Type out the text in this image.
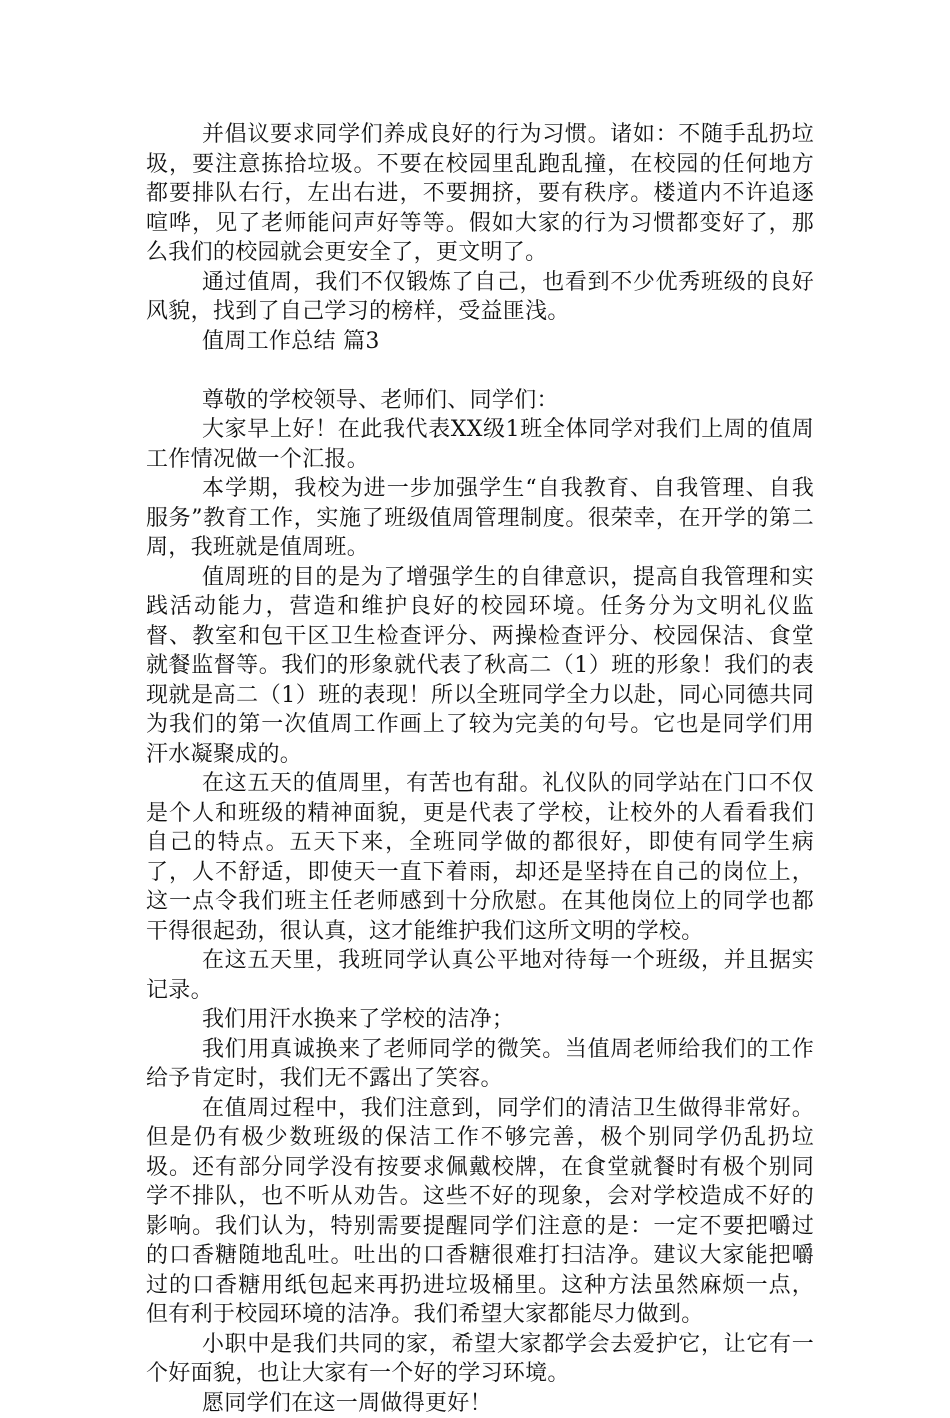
并倡议要求同学们养成良好的行为习惯。诸如：不随手乱扔垃圾，要注意拣拾垃圾。不要在校园里乱跑乱撞，在校园的任何地方都要排队右行，左出右进，不要拥挤，要有秩序。楼道内不许追逐喧哗，见了老师能问声好等等。假如大家的行为习惯都变好了，那么我们的校园就会更安全了，更文明了。

通过值周，我们不仅锻炼了自己，也看到不少优秀班级的良好风貌，找到了自己学习的榜样，受益匪浅。

值周工作总结 篇3

尊敬的学校领导、老师们、同学们：

大家早上好！在此我代表XX级1班全体同学对我们上周的值周工作情况做一个汇报。

本学期，我校为进一步加强学生“自我教育、自我管理、自我服务”教育工作，实施了班级值周管理制度。很荣幸，在开学的第二周，我班就是值周班。

值周班的目的是为了增强学生的自律意识，提高自我管理和实践活动能力，营造和维护良好的校园环境。任务分为文明礼仪监督、教室和包干区卫生检查评分、两操检查评分、校园保洁、食堂就餐监督等。我们的形象就代表了秋高二（1）班的形象！我们的表现就是高二（1）班的表现！所以全班同学全力以赴，同心同德共同为我们的第一次值周工作画上了较为完美的句号。它也是同学们用汗水凝聚成的。

在这五天的值周里，有苦也有甜。礼仪队的同学站在门口不仅是个人和班级的精神面貌，更是代表了学校，让校外的人看看我们自己的特点。五天下来，全班同学做的都很好，即使有同学生病了，人不舒适，即使天一直下着雨，却还是坚持在自己的岗位上，这一点令我们班主任老师感到十分欣慰。在其他岗位上的同学也都干得很起劲，很认真，这才能维护我们这所文明的学校。

在这五天里，我班同学认真公平地对待每一个班级，并且据实记录。

我们用汗水换来了学校的洁净；

我们用真诚换来了老师同学的微笑。当值周老师给我们的工作给予肯定时，我们无不露出了笑容。

在值周过程中，我们注意到，同学们的清洁卫生做得非常好。但是仍有极少数班级的保洁工作不够完善，极个别同学仍乱扔垃圾。还有部分同学没有按要求佩戴校牌，在食堂就餐时有极个别同学不排队，也不听从劝告。这些不好的现象，会对学校造成不好的影响。我们认为，特别需要提醒同学们注意的是：一定不要把嚼过的口香糖随地乱吐。吐出的口香糖很难打扫洁净。建议大家能把嚼过的口香糖用纸包起来再扔进垃圾桶里。这种方法虽然麻烦一点，但有利于校园环境的洁净。我们希望大家都能尽力做到。

小职中是我们共同的家，希望大家都学会去爱护它，让它有一个好面貌，也让大家有一个好的学习环境。

愿同学们在这一周做得更好！
